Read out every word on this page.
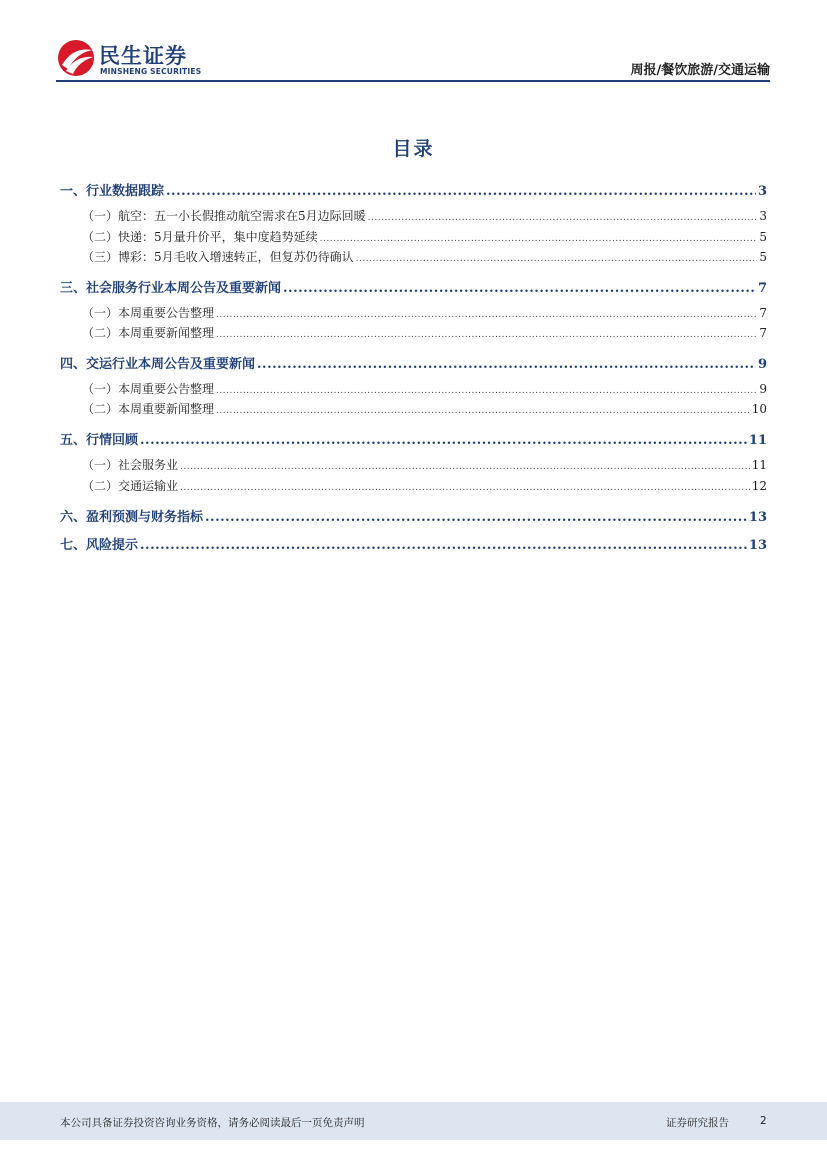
民生证券
MINSHENG SECURITIES	周报/餐饮旅游/交通运输
目录
一、行业数据跟踪 .....	3
（一）航空：五一小长假推动航空需求在5月边际回暖 .....	3
（二）快递：5月量升价平，集中度趋势延续 .....	5
（三）博彩：5月毛收入增速转正，但复苏仍待确认 .....	5
三、社会服务行业本周公告及重要新闻 .....	7
（一）本周重要公告整理 .....	7
（二）本周重要新闻整理 .....	7
四、交运行业本周公告及重要新闻 .....	9
（一）本周重要公告整理 .....	9
（二）本周重要新闻整理 .....	10
五、行情回顾 .....	11
（一）社会服务业 .....	11
（二）交通运输业 .....	12
六、盈利预测与财务指标 .....	13
七、风险提示 .....	13
本公司具备证券投资咨询业务资格，请务必阅读最后一页免责声明	证券研究报告	2
